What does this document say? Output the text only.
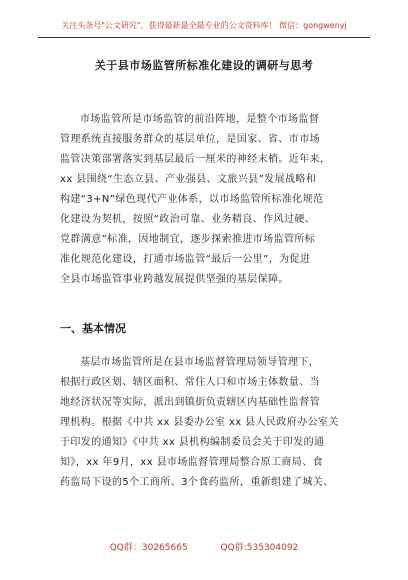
关注头条号"公文研究"，获得最新最全最专业的公文资料库！ 微信：gongwenyj
关于县市场监管所标准化建设的调研与思考
市场监管所是市场监管的前沿阵地，是整个市场监督
管理系统直接服务群众的基层单位，是国家、省、市市场
监管决策部署落实到基层最后一厘米的神经末梢。近年来，
xx 县围绕“生态立县、产业强县、文旅兴县”发展战略和
构建“3+N”绿色现代产业体系，以市场监管所标准化规范
化建设为契机，按照“政治可靠、业务精良、作风过硬、
党群满意”标准，因地制宜，逐步探索推进市场监管所标
准化规范化建设，打通市场监管“最后一公里”，为促进
全县市场监管事业跨越发展提供坚强的基层保障。
一、基本情况
基层市场监管所是在县市场监督管理局领导管理下，
根据行政区划、辖区面积、常住人口和市场主体数量、当
地经济状况等实际，派出到镇街负责辖区内基础性监督管
理机构。根据《中共 xx 县委办公室 xx 县人民政府办公室关
于印发的通知》《中共 xx 县机构编制委员会关于印发的通
知》，xx 年9月，xx 县市场监督管理局整合原工商局、食
药监局下设的5个工商所、3个食药监所，重新组建了城关、
QQ群：30265665	QQ群:535304092
